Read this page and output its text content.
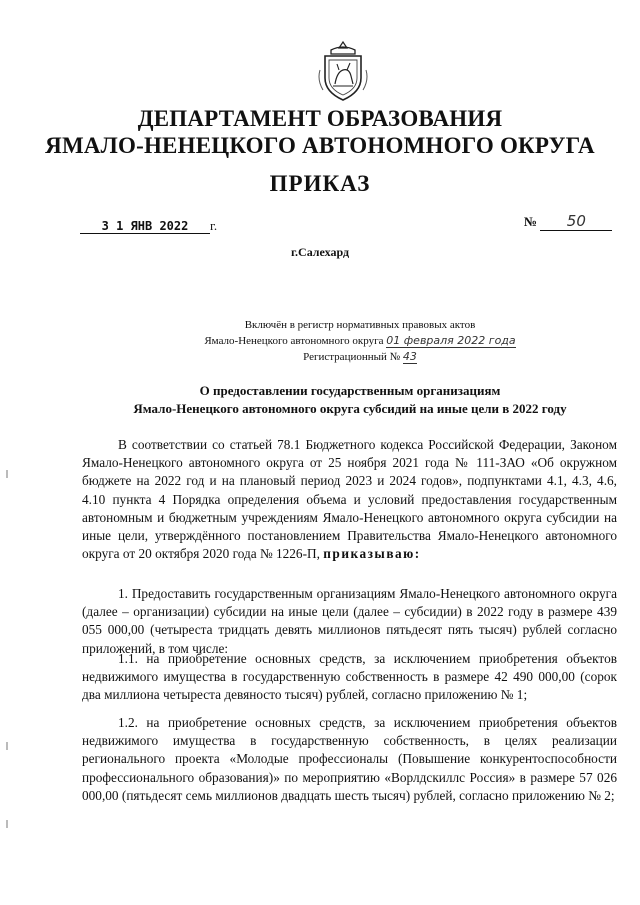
ДЕПАРТАМЕНТ ОБРАЗОВАНИЯ
ЯМАЛО-НЕНЕЦКОГО АВТОНОМНОГО ОКРУГА
ПРИКАЗ
3 1 ЯНВ 2022 г.	№ 50
г.Салехард
Включён в регистр нормативных правовых актов
Ямало-Ненецкого автономного округа 01 февраля 2022 года
Регистрационный № 43
О предоставлении государственным организациям
Ямало-Ненецкого автономного округа субсидий на иные цели в 2022 году

В соответствии со статьей 78.1 Бюджетного кодекса Российской Федерации, Законом Ямало-Ненецкого автономного округа от 25 ноября 2021 года № 111-ЗАО «Об окружном бюджете на 2022 год и на плановый период 2023 и 2024 годов», подпунктами 4.1, 4.3, 4.6, 4.10 пункта 4 Порядка определения объема и условий предоставления государственным автономным и бюджетным учреждениям Ямало-Ненецкого автономного округа субсидии на иные цели, утверждённого постановлением Правительства Ямало-Ненецкого автономного округа от 20 октября 2020 года № 1226-П, приказываю:

1. Предоставить государственным организациям Ямало-Ненецкого автономного округа (далее – организации) субсидии на иные цели (далее – субсидии) в 2022 году в размере 439 055 000,00 (четыреста тридцать девять миллионов пятьдесят пять тысяч) рублей согласно приложений, в том числе:

1.1. на приобретение основных средств, за исключением приобретения объектов недвижимого имущества в государственную собственность в размере 42 490 000,00 (сорок два миллиона четыреста девяносто тысяч) рублей, согласно приложению № 1;

1.2. на приобретение основных средств, за исключением приобретения объектов недвижимого имущества в государственную собственность, в целях реализации регионального проекта «Молодые профессионалы (Повышение конкурентоспособности профессионального образования)» по мероприятию «Ворлдскиллс Россия» в размере 57 026 000,00 (пятьдесят семь миллионов двадцать шесть тысяч) рублей, согласно приложению № 2;
